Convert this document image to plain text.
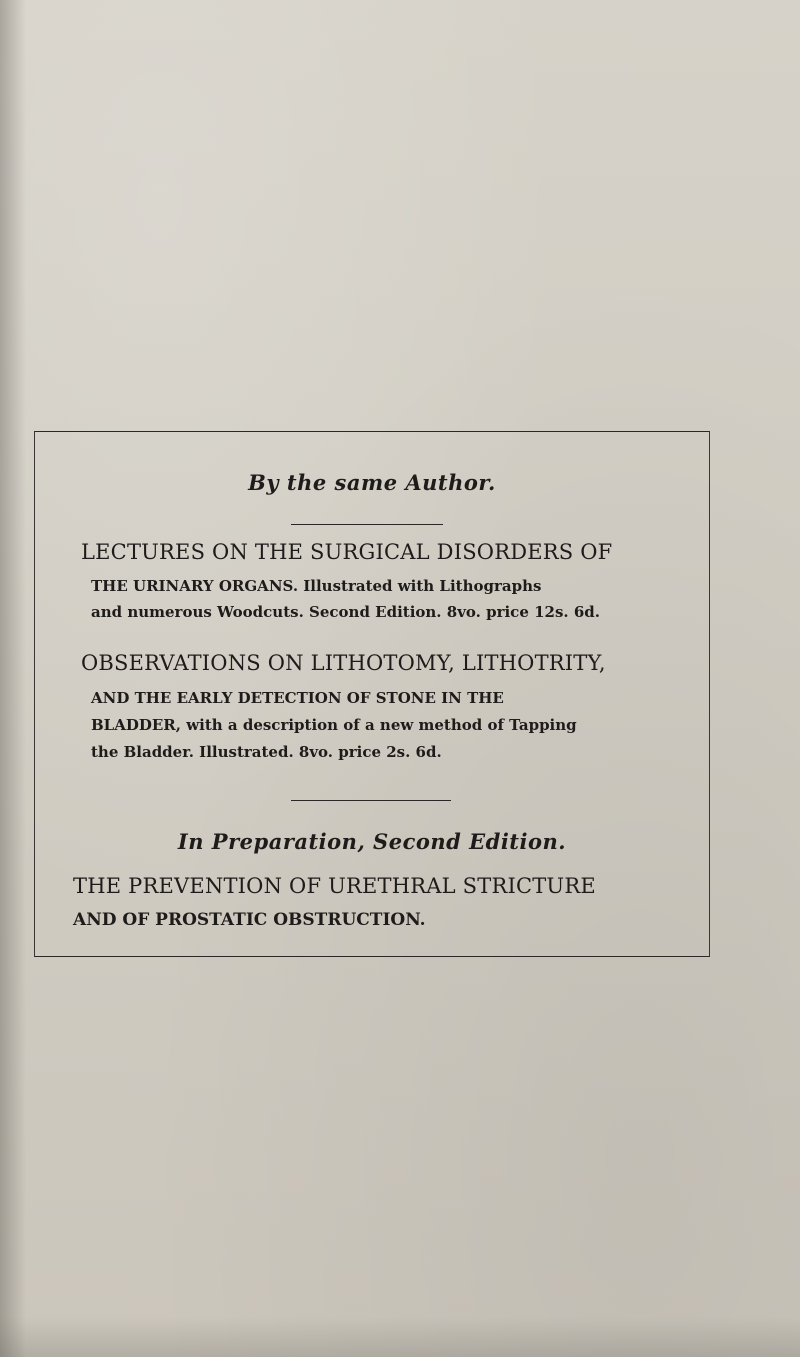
By the same Author.
LECTURES ON THE SURGICAL DISORDERS OF
THE URINARY ORGANS. Illustrated with Lithographs
and numerous Woodcuts. Second Edition. 8vo. price 12s. 6d.
OBSERVATIONS ON LITHOTOMY, LITHOTRITY,
AND THE EARLY DETECTION OF STONE IN THE
BLADDER, with a description of a new method of Tapping
the Bladder. Illustrated. 8vo. price 2s. 6d.
In Preparation, Second Edition.
THE PREVENTION OF URETHRAL STRICTURE
AND OF PROSTATIC OBSTRUCTION.
